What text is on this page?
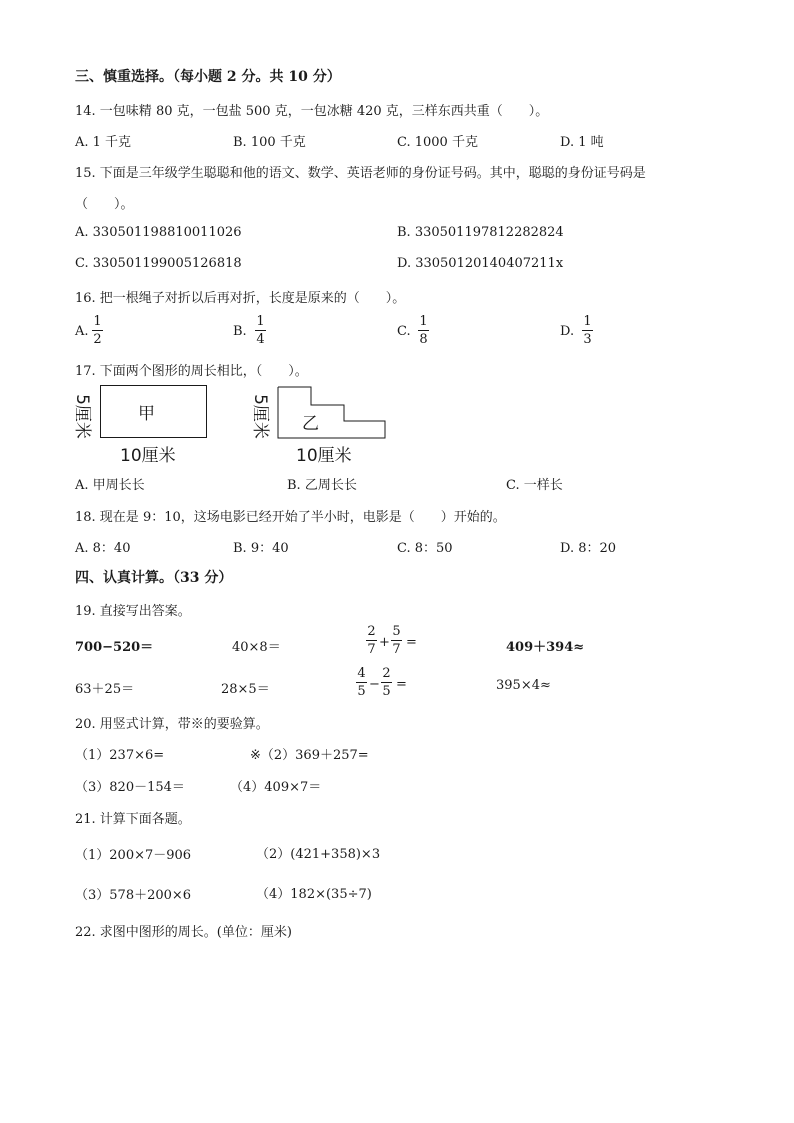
三、慎重选择。（每小题 2 分。共 10 分）
14. 一包味精 80 克，一包盐 500 克，一包冰糖 420 克，三样东西共重（　　）。
A. 1 千克	B. 100 千克	C. 1000 千克	D. 1 吨
15. 下面是三年级学生聪聪和他的语文、数学、英语老师的身份证号码。其中，聪聪的身份证号码是
（　　）。
A. 330501198810011026	B. 330501197812282824
C. 330501199005126818	D. 33050120140407211x
16. 把一根绳子对折以后再对折，长度是原来的（　　）。
A.
1
2
B.
1
4
C.
1
8
D.
1
3
17. 下面两个图形的周长相比，（　　）。
5厘米	甲
10厘米
5厘米 乙
10厘米
A. 甲周长长	B. 乙周长长	C. 一样长
18. 现在是 9：10，这场电影已经开始了半小时，电影是（　　）开始的。
A. 8：40	B. 9：40	C. 8：50	D. 8：20
四、认真计算。（33 分）
19. 直接写出答案。
700−520＝	40×8＝
2
7 +
5
7 =	409＋394≈
63＋25＝	28×5＝
4
5 −
2
5 =	395×4≈
20. 用竖式计算，带※的要验算。
（1）237×6=	※（2）369＋257=
（3）820－154＝	（4）409×7＝
21. 计算下面各题。
（1）200×7－906	（2）(421+358)×3
（3）578＋200×6	（4）182×(35÷7)
22. 求图中图形的周长。(单位：厘米)
